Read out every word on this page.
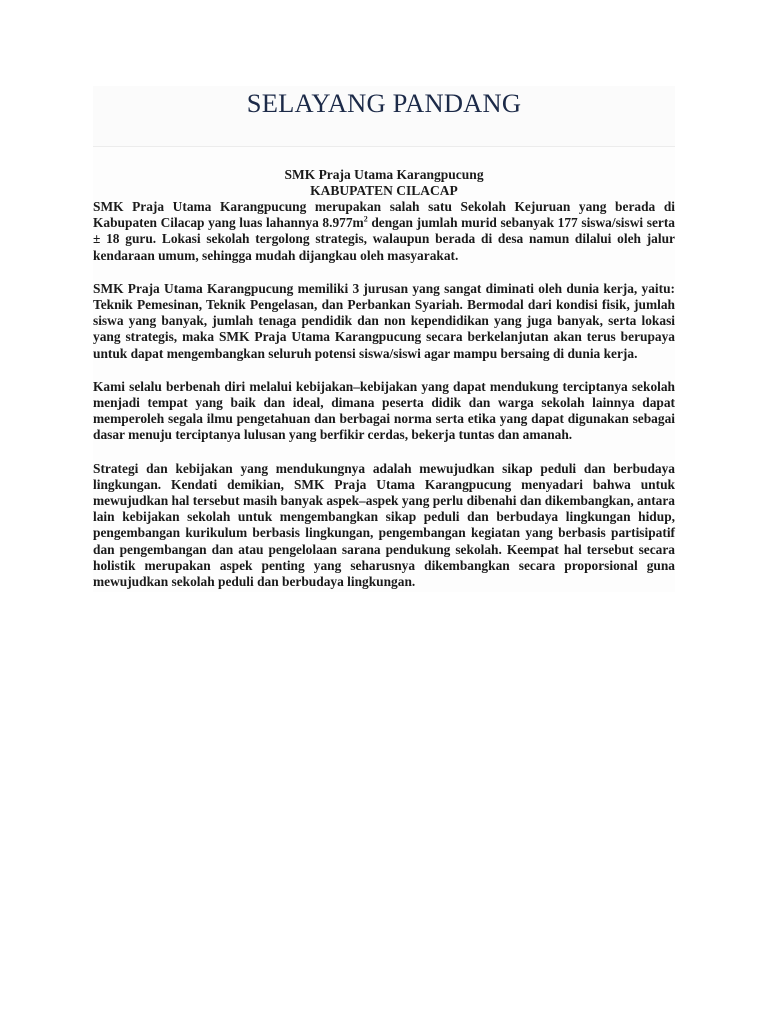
SELAYANG PANDANG

SMK Praja Utama Karangpucung

KABUPATEN CILACAP

SMK Praja Utama Karangpucung merupakan salah satu Sekolah Kejuruan yang berada di Kabupaten Cilacap yang luas lahannya $8.977m^2$ dengan jumlah murid sebanyak 177 siswa/siswi serta ± 18 guru. Lokasi sekolah tergolong strategis, walaupun berada di desa namun dilalui oleh jalur kendaraan umum, sehingga mudah dijangkau oleh masyarakat.

SMK Praja Utama Karangpucung memiliki 3 jurusan yang sangat diminati oleh dunia kerja, yaitu: Teknik Pemesinan, Teknik Pengelasan, dan Perbankan Syariah. Bermodal dari kondisi fisik, jumlah siswa yang banyak, jumlah tenaga pendidik dan non kependidikan yang juga banyak, serta lokasi yang strategis, maka SMK Praja Utama Karangpucung secara berkelanjutan akan terus berupaya untuk dapat mengembangkan seluruh potensi siswa/siswi agar mampu bersaing di dunia kerja.

Kami selalu berbenah diri melalui kebijakan–kebijakan yang dapat mendukung terciptanya sekolah menjadi tempat yang baik dan ideal, dimana peserta didik dan warga sekolah lainnya dapat memperoleh segala ilmu pengetahuan dan berbagai norma serta etika yang dapat digunakan sebagai dasar menuju terciptanya lulusan yang berfikir cerdas, bekerja tuntas dan amanah.

Strategi dan kebijakan yang mendukungnya adalah mewujudkan sikap peduli dan berbudaya lingkungan. Kendati demikian, SMK Praja Utama Karangpucung menyadari bahwa untuk mewujudkan hal tersebut masih banyak aspek–aspek yang perlu dibenahi dan dikembangkan, antara lain kebijakan sekolah untuk mengembangkan sikap peduli dan berbudaya lingkungan hidup, pengembangan kurikulum berbasis lingkungan, pengembangan kegiatan yang berbasis partisipatif dan pengembangan dan atau pengelolaan sarana pendukung sekolah. Keempat hal tersebut secara holistik merupakan aspek penting yang seharusnya dikembangkan secara proporsional guna mewujudkan sekolah peduli dan berbudaya lingkungan.
